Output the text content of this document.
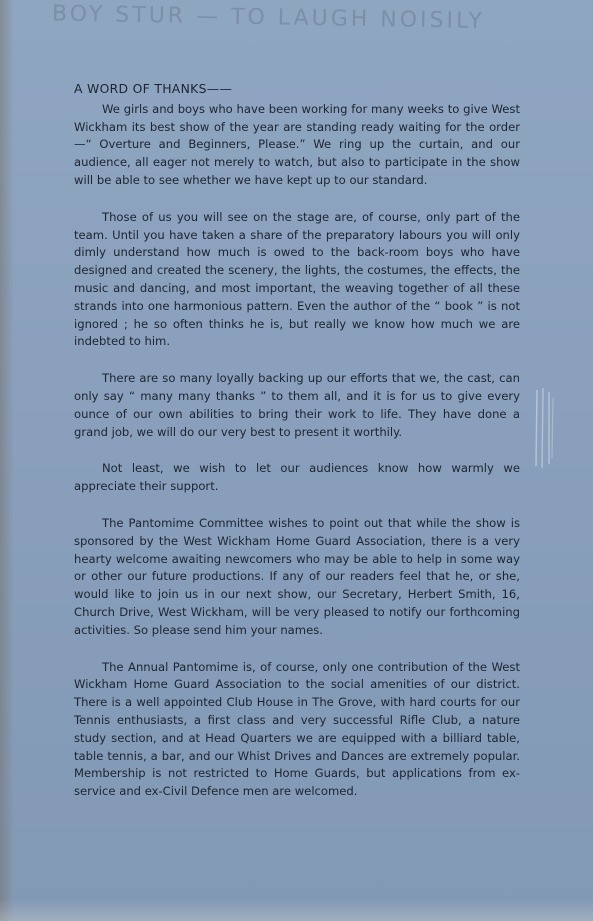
BOY STUR — TO LAUGH NOISILY
A WORD OF THANKS——

We girls and boys who have been working for many weeks to give West Wickham its best show of the year are standing ready waiting for the order—“ Overture and Beginners, Please.” We ring up the curtain, and our audience, all eager not merely to watch, but also to participate in the show will be able to see whether we have kept up to our standard.

Those of us you will see on the stage are, of course, only part of the team. Until you have taken a share of the preparatory labours you will only dimly understand how much is owed to the back-room boys who have designed and created the scenery, the lights, the costumes, the effects, the music and dancing, and most important, the weaving together of all these strands into one harmonious pattern. Even the author of the “ book ” is not ignored ; he so often thinks he is, but really we know how much we are indebted to him.

There are so many loyally backing up our efforts that we, the cast, can only say “ many many thanks ” to them all, and it is for us to give every ounce of our own abilities to bring their work to life. They have done a grand job, we will do our very best to present it worthily.

Not least, we wish to let our audiences know how warmly we appreciate their support.

The Pantomime Committee wishes to point out that while the show is sponsored by the West Wickham Home Guard Association, there is a very hearty welcome awaiting newcomers who may be able to help in some way or other our future productions. If any of our readers feel that he, or she, would like to join us in our next show, our Secretary, Herbert Smith, 16, Church Drive, West Wickham, will be very pleased to notify our forthcoming activities. So please send him your names.

The Annual Pantomime is, of course, only one contribution of the West Wickham Home Guard Association to the social amenities of our district. There is a well appointed Club House in The Grove, with hard courts for our Tennis enthusiasts, a first class and very successful Rifle Club, a nature study section, and at Head Quarters we are equipped with a billiard table, table tennis, a bar, and our Whist Drives and Dances are extremely popular. Membership is not restricted to Home Guards, but applications from ex-service and ex-Civil Defence men are welcomed.
